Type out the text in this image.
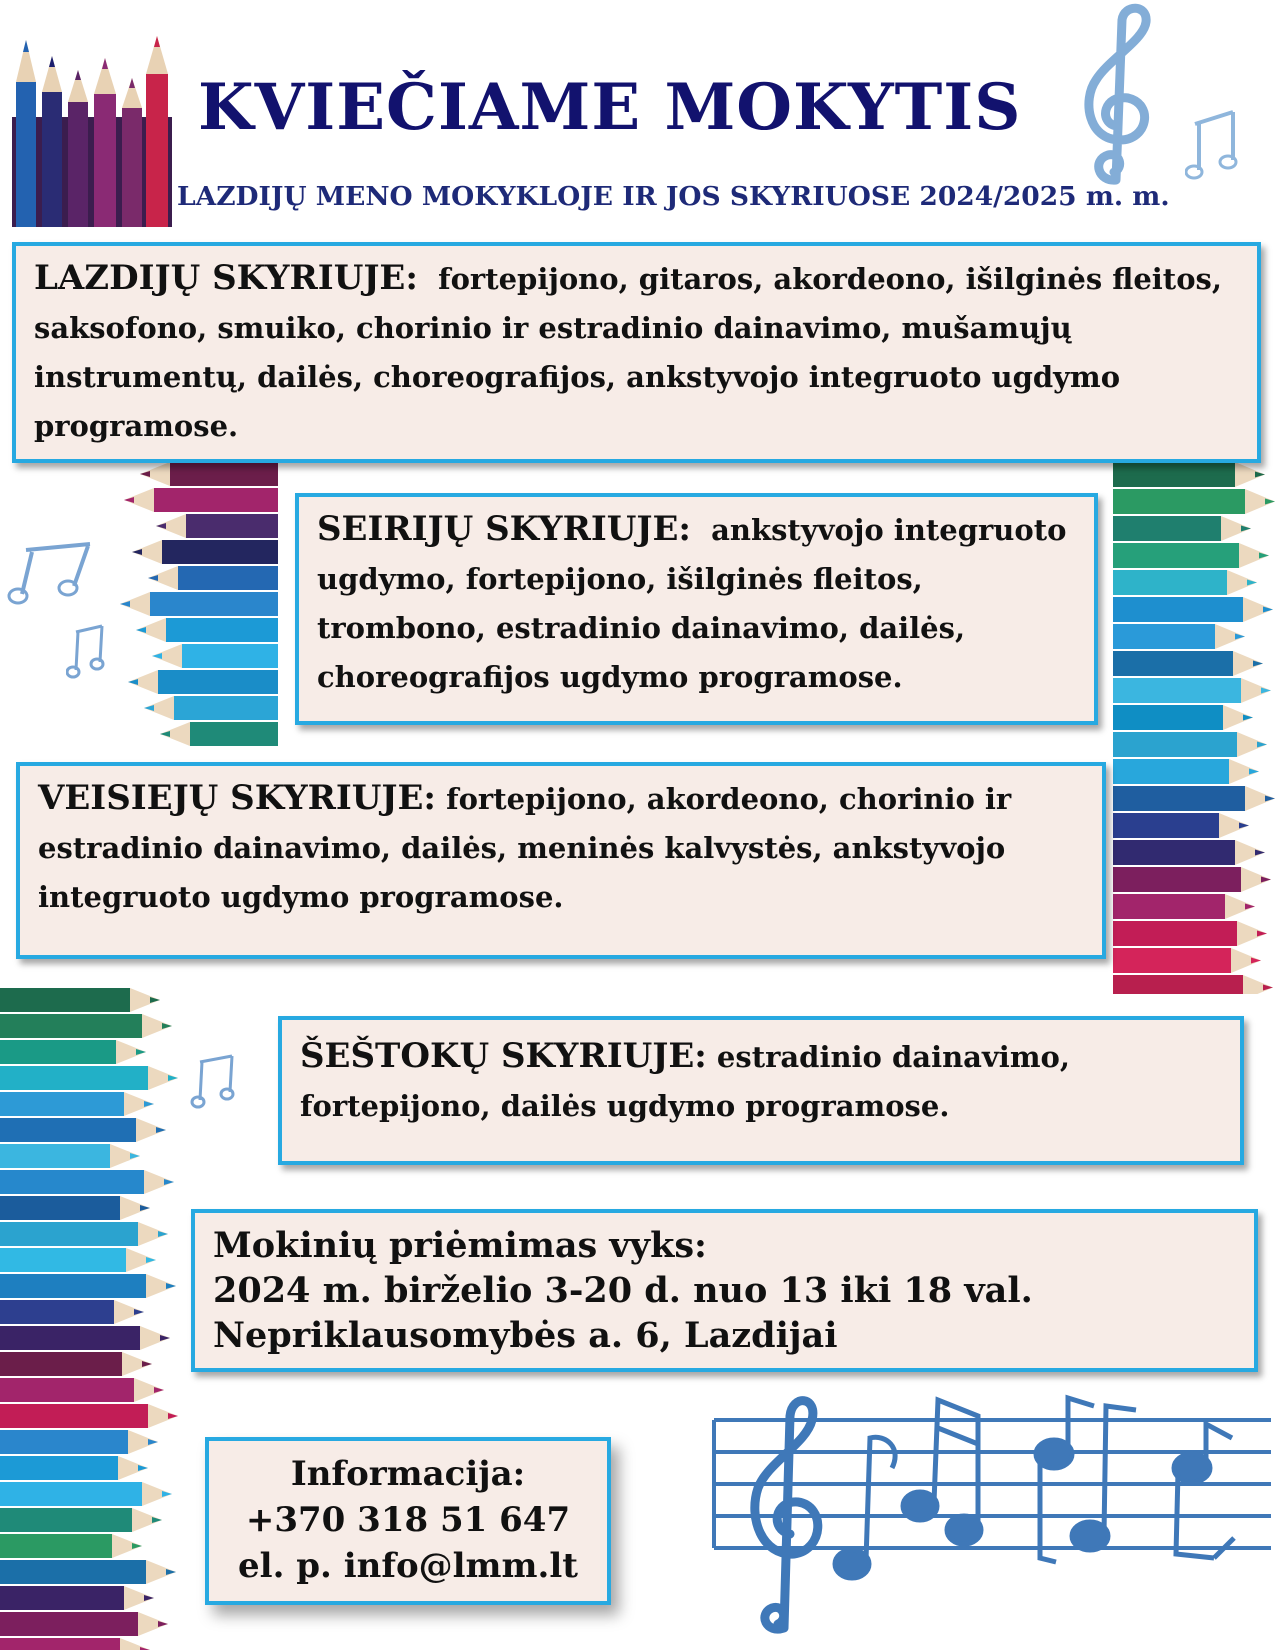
KVIEČIAME MOKYTIS
LAZDIJŲ MENO MOKYKLOJE IR JOS SKYRIUOSE 2024/2025 m. m.
LAZDIJŲ SKYRIUJE: fortepijono, gitaros, akordeono, išilginės fleitos, saksofono, smuiko, chorinio ir estradinio dainavimo, mušamųjų instrumentų, dailės, choreografijos, ankstyvojo integruoto ugdymo programose.
SEIRIJŲ SKYRIUJE: ankstyvojo integruoto ugdymo, fortepijono, išilginės fleitos, trombono, estradinio dainavimo, dailės, choreografijos ugdymo programose.
VEISIEJŲ SKYRIUJE: fortepijono, akordeono, chorinio ir estradinio dainavimo, dailės, meninės kalvystės, ankstyvojo integruoto ugdymo programose.
ŠEŠTOKŲ SKYRIUJE: estradinio dainavimo, fortepijono, dailės ugdymo programose.
Mokinių priėmimas vyks:
2024 m. birželio 3-20 d. nuo 13 iki 18 val.
Nepriklausomybės a. 6, Lazdijai
Informacija:
+370 318 51 647
el. p. info@lmm.lt
